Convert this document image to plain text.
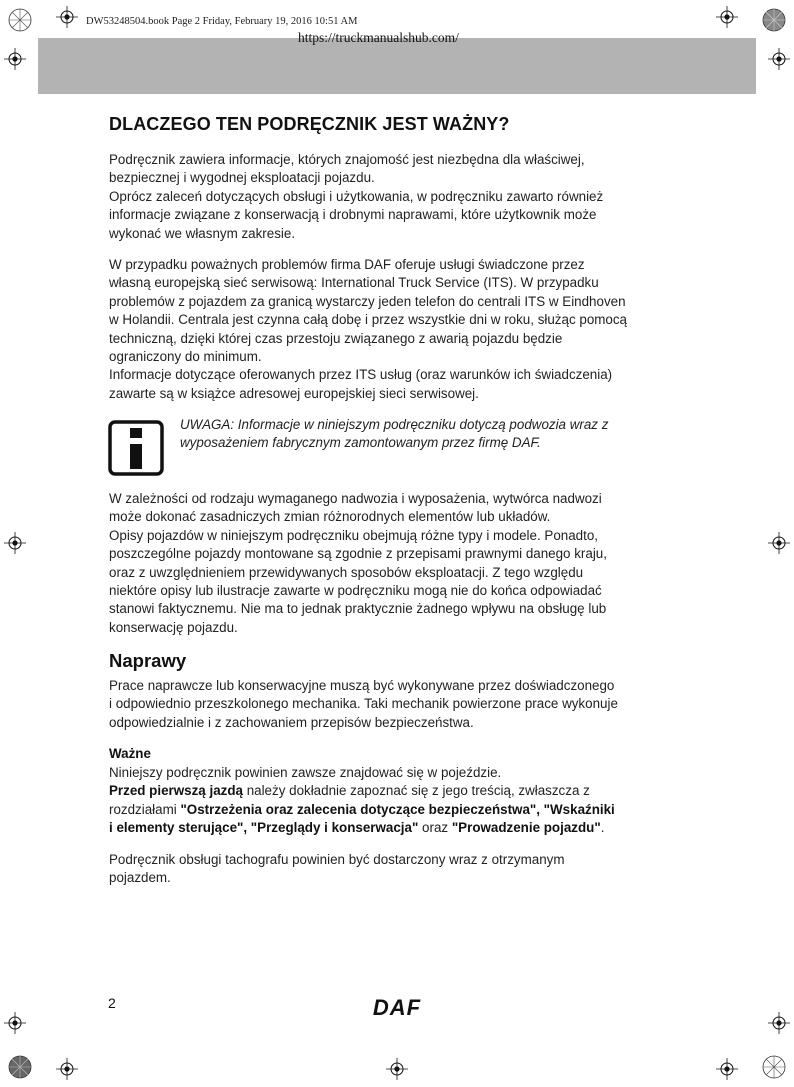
DW53248504.book Page 2 Friday, February 19, 2016 10:51 AM
https://truckmanualshub.com/
DLACZEGO TEN PODRĘCZNIK JEST WAŻNY?
Podręcznik zawiera informacje, których znajomość jest niezbędna dla właściwej,
bezpiecznej i wygodnej eksploatacji pojazdu.
Oprócz zaleceń dotyczących obsługi i użytkowania, w podręczniku zawarto również
informacje związane z konserwacją i drobnymi naprawami, które użytkownik może
wykonać we własnym zakresie.
W przypadku poważnych problemów firma DAF oferuje usługi świadczone przez
własną europejską sieć serwisową: International Truck Service (ITS). W przypadku
problemów z pojazdem za granicą wystarczy jeden telefon do centrali ITS w Eindhoven
w Holandii. Centrala jest czynna całą dobę i przez wszystkie dni w roku, służąc pomocą
techniczną, dzięki której czas przestoju związanego z awarią pojazdu będzie
ograniczony do minimum.
Informacje dotyczące oferowanych przez ITS usług (oraz warunków ich świadczenia)
zawarte są w książce adresowej europejskiej sieci serwisowej.
UWAGA: Informacje w niniejszym podręczniku dotyczą podwozia wraz z
wyposażeniem fabrycznym zamontowanym przez firmę DAF.
W zależności od rodzaju wymaganego nadwozia i wyposażenia, wytwórca nadwozi
może dokonać zasadniczych zmian różnorodnych elementów lub układów.
Opisy pojazdów w niniejszym podręczniku obejmują różne typy i modele. Ponadto,
poszczególne pojazdy montowane są zgodnie z przepisami prawnymi danego kraju,
oraz z uwzględnieniem przewidywanych sposobów eksploatacji. Z tego względu
niektóre opisy lub ilustracje zawarte w podręczniku mogą nie do końca odpowiadać
stanowi faktycznemu. Nie ma to jednak praktycznie żadnego wpływu na obsługę lub
konserwację pojazdu.
Naprawy
Prace naprawcze lub konserwacyjne muszą być wykonywane przez doświadczonego
i odpowiednio przeszkolonego mechanika. Taki mechanik powierzone prace wykonuje
odpowiedzialnie i z zachowaniem przepisów bezpieczeństwa.
Ważne
Niniejszy podręcznik powinien zawsze znajdować się w pojeździe.
Przed pierwszą jazdą należy dokładnie zapoznać się z jego treścią, zwłaszcza z
rozdziałami "Ostrzeżenia oraz zalecenia dotyczące bezpieczeństwa", "Wskaźniki
i elementy sterujące", "Przeglądy i konserwacja" oraz "Prowadzenie pojazdu".
Podręcznik obsługi tachografu powinien być dostarczony wraz z otrzymanym
pojazdem.
2	DAF
